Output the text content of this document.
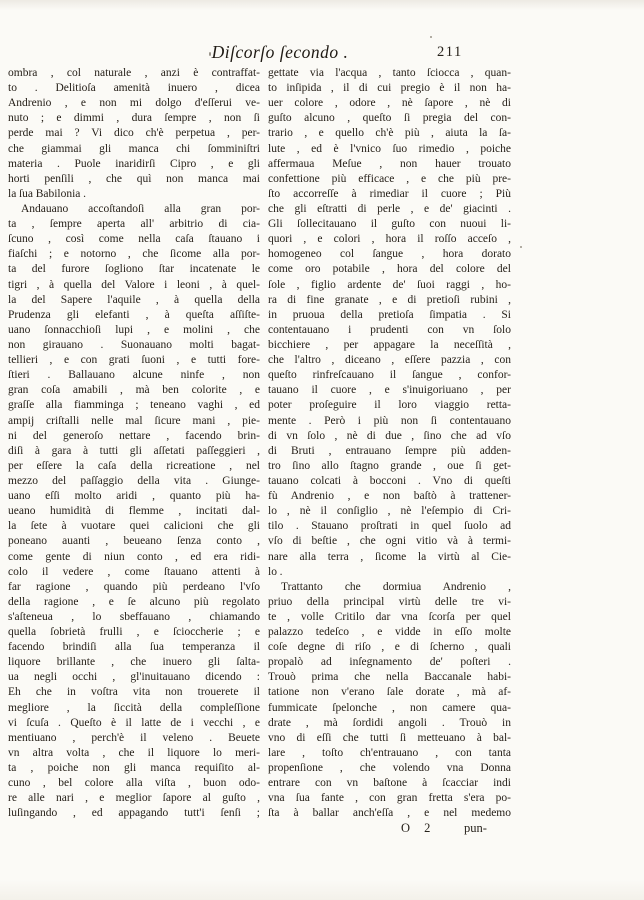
Diſcorſo ſecondo .	211
ombra , col naturale , anzi è contraffat-
to . Delitioſa amenità inuero , dicea
Andrenio , e non mi dolgo d'eſſerui ve-
nuto ; e dimmi , dura ſempre , non ſi
perde mai ? Vi dico ch'è perpetua , per-
che giammai gli manca chi ſomminiſtri
materia . Puole inaridirſi Cipro , e gli
horti penſili , che quì non manca mai
la ſua Babilonia .
Andauano accoſtandoſi alla gran por-
ta , ſempre aperta all' arbitrio di cia-
ſcuno , così come nella caſa ſtauano i
fiaſchi ; e notorno , che ſicome alla por-
ta del furore ſogliono ſtar incatenate le
tigri , à quella del Valore i leoni , à quel-
la del Sapere l'aquile , à quella della
Prudenza gli elefanti , à queſta aſſiſte-
uano ſonnacchioſi lupi , e molini , che
non girauano . Suonauano molti bagat-
tellieri , e con grati ſuoni , e tutti fore-
ſtieri . Ballauano alcune ninfe , non
gran coſa amabili , mà ben colorite , e
graſſe alla fiamminga ; teneano vaghi , ed
ampij criſtalli nelle mal ſicure mani , pie-
ni del generoſo nettare , facendo brin-
diſi à gara à tutti gli aſſetati paſſeggieri ,
per eſſere la caſa della ricreatione , nel
mezzo del paſſaggio della vita . Giunge-
uano eſſi molto aridi , quanto più ha-
ueano humidità di flemme , incitati dal-
la ſete à vuotare quei calicioni che gli
poneano auanti , beueano ſenza conto ,
come gente di niun conto , ed era ridi-
colo il vedere , come ſtauano attenti à
far ragione , quando più perdeano l'vſo
della ragione , e ſe alcuno più regolato
s'aſteneua , lo sbeffauano , chiamando
quella ſobrietà frulli , e ſcioccherie ; e
facendo brindiſi alla ſua temperanza il
liquore brillante , che inuero gli ſalta-
ua negli occhi , gl'inuitauano dicendo :
Eh che in voſtra vita non trouerete il
megliore , la ſiccità della compleſſione
vi ſcuſa . Queſto è il latte de i vecchi , e
mentiuano , perch'è il veleno . Beuete
vn altra volta , che il liquore lo meri-
ta , poiche non gli manca requiſito al-
cuno , bel colore alla viſta , buon odo-
re alle nari , e meglior ſapore al guſto ,
luſingando , ed appagando tutt'i ſenſi ;
gettate via l'acqua , tanto ſciocca , quan-
to inſipida , il di cui pregio è il non ha-
uer colore , odore , nè ſapore , nè di
guſto alcuno , queſto ſi pregia del con-
trario , e quello ch'è più , aiuta la ſa-
lute , ed è l'vnico ſuo rimedio , poiche
affermaua Meſue , non hauer trouato
confettione più efficace , e che più pre-
ſto accorreſſe à rimediar il cuore ; Più
che gli eſtratti di perle , e de' giacinti .
Gli ſollecitauano il guſto con nuoui li-
quori , e colori , hora il roſſo acceſo ,
homogeneo col ſangue , hora dorato
come oro potabile , hora del colore del
ſole , figlio ardente de' ſuoi raggi , ho-
ra di fine granate , e di pretioſi rubini ,
in pruoua della pretioſa ſimpatia . Si
contentauano i prudenti con vn ſolo
bicchiere , per appagare la neceſſità ,
che l'altro , diceano , eſſere pazzia , con
queſto rinfreſcauano il ſangue , confor-
tauano il cuore , e s'inuigoriuano , per
poter proſeguire il loro viaggio retta-
mente . Però i più non ſi contentauano
di vn ſolo , nè di due , ſino che ad vſo
di Bruti , entrauano ſempre più adden-
tro ſino allo ſtagno grande , oue ſi get-
tauano colcati à bocconi . Vno di queſti
fù Andrenio , e non baſtò à trattener-
lo , nè il conſiglio , nè l'eſempio di Cri-
tilo . Stauano proſtrati in quel ſuolo ad
vſo di beſtie , che ogni vitio và à termi-
nare alla terra , ſicome la virtù al Cie-
lo .
Trattanto che dormiua Andrenio ,
priuo della principal virtù delle tre vi-
te , volle Critilo dar vna ſcorſa per quel
palazzo tedeſco , e vidde in eſſo molte
coſe degne di riſo , e di ſcherno , quali
propalò ad inſegnamento de' poſteri .
Trouò prima che nella Baccanale habi-
tatione non v'erano ſale dorate , mà af-
fummicate ſpelonche , non camere qua-
drate , mà ſordidi angoli . Trouò in
vno di eſſi che tutti ſi metteuano à bal-
lare , toſto ch'entrauano , con tanta
propenſione , che volendo vna Donna
entrare con vn baſtone à ſcacciar indi
vna ſua fante , con gran fretta s'era po-
ſta à ballar anch'eſſa , e nel medemo
O 2	pun-
